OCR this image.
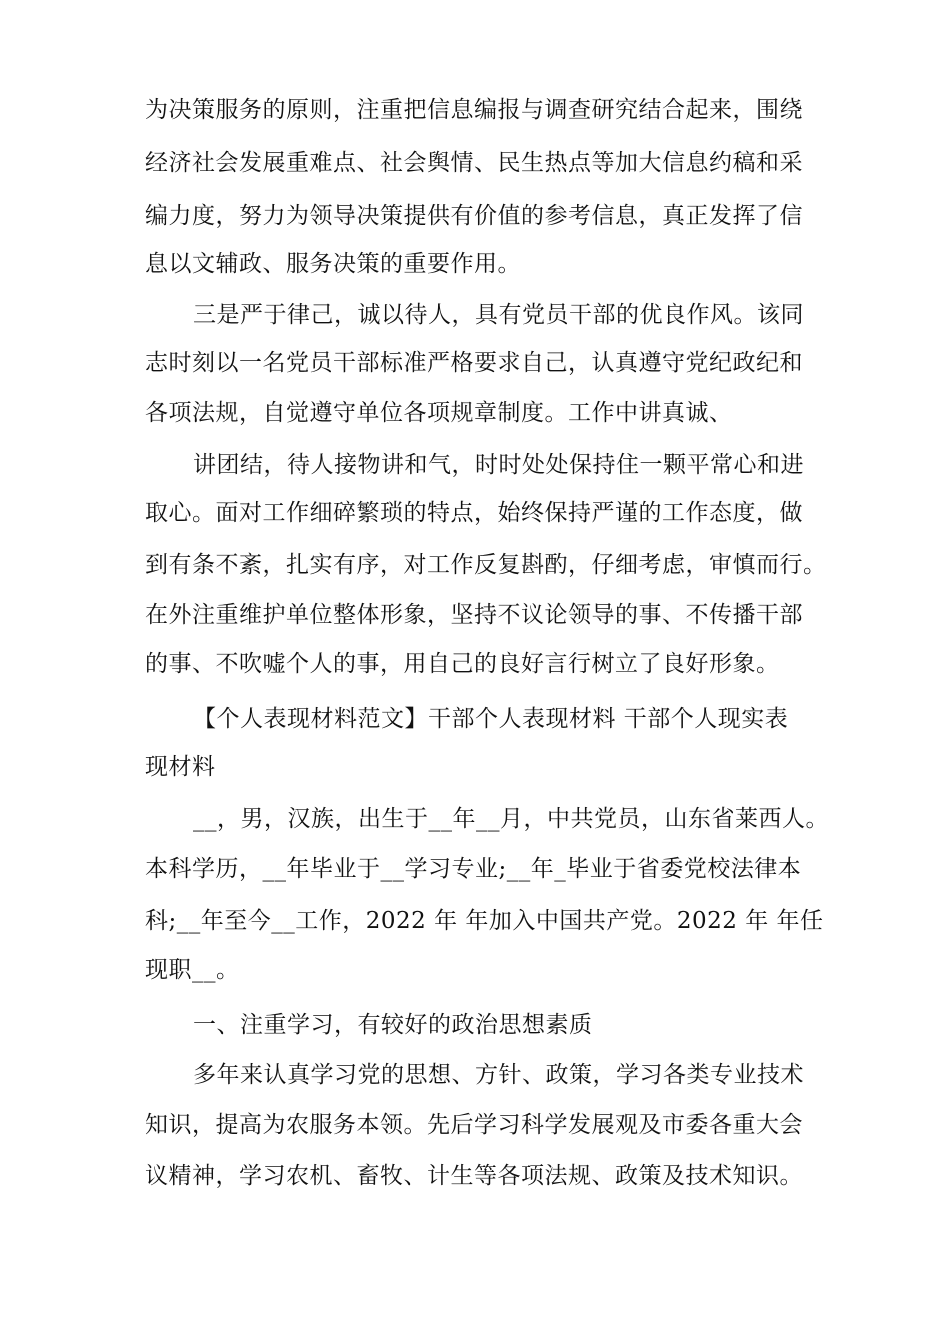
为决策服务的原则，注重把信息编报与调查研究结合起来，围绕
经济社会发展重难点、社会舆情、民生热点等加大信息约稿和采
编力度，努力为领导决策提供有价值的参考信息，真正发挥了信
息以文辅政、服务决策的重要作用。
三是严于律己，诚以待人，具有党员干部的优良作风。该同
志时刻以一名党员干部标准严格要求自己，认真遵守党纪政纪和
各项法规，自觉遵守单位各项规章制度。工作中讲真诚、
讲团结，待人接物讲和气，时时处处保持住一颗平常心和进
取心。面对工作细碎繁琐的特点，始终保持严谨的工作态度，做
到有条不紊，扎实有序，对工作反复斟酌，仔细考虑，审慎而行。
在外注重维护单位整体形象，坚持不议论领导的事、不传播干部
的事、不吹嘘个人的事，用自己的良好言行树立了良好形象。
【个人表现材料范文】干部个人表现材料 干部个人现实表
现材料
__，男，汉族，出生于__年__月，中共党员，山东省莱西人。
本科学历，__年毕业于__学习专业;__年_毕业于省委党校法律本
科;__年至今__工作，2022 年 年加入中国共产党。2022 年 年任
现职__。
一、注重学习，有较好的政治思想素质
多年来认真学习党的思想、方针、政策，学习各类专业技术
知识，提高为农服务本领。先后学习科学发展观及市委各重大会
议精神，学习农机、畜牧、计生等各项法规、政策及技术知识。
